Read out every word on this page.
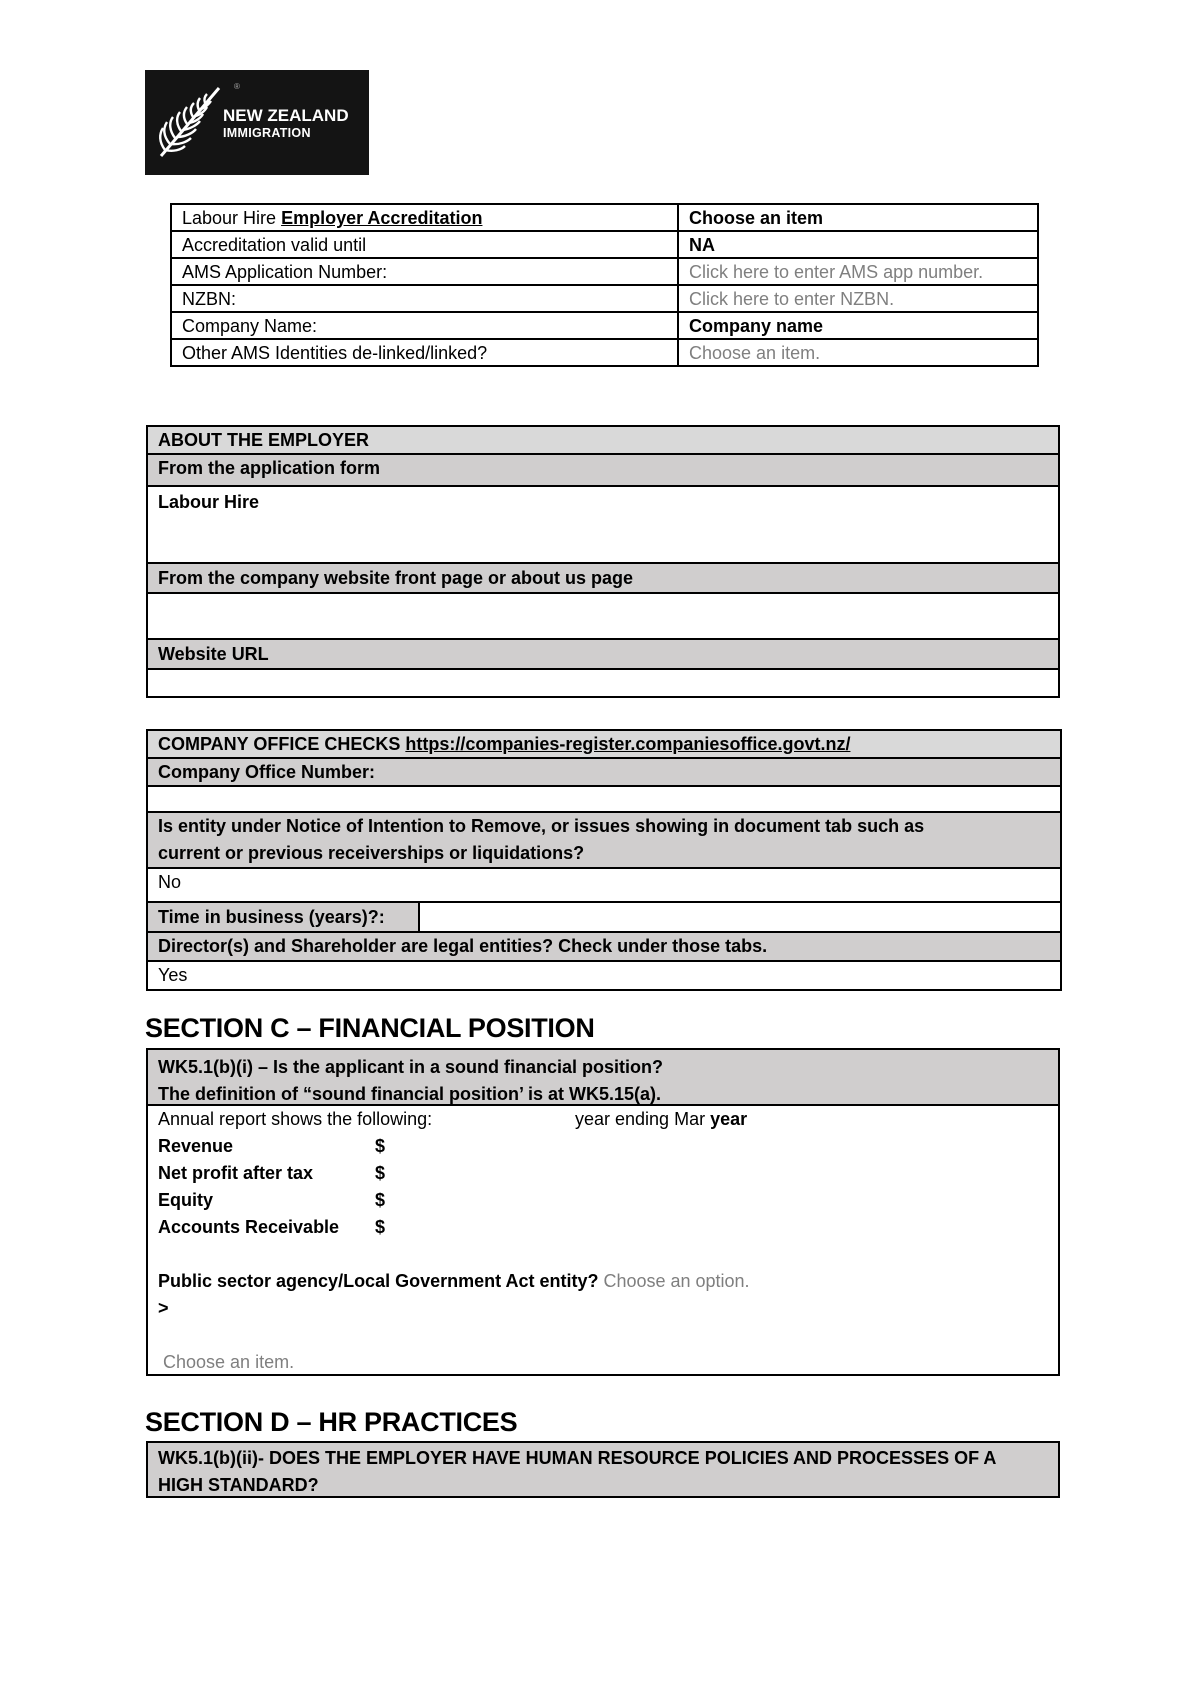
®
NEW ZEALAND
IMMIGRATION
Labour Hire Employer Accreditation	Choose an item
Accreditation valid until	NA
AMS Application Number:	Click here to enter AMS app number.
NZBN:	Click here to enter NZBN.
Company Name:	Company name
Other AMS Identities de-linked/linked?	Choose an item.
ABOUT THE EMPLOYER
From the application form
Labour Hire
From the company website front page or about us page

Website URL

COMPANY OFFICE CHECKS https://companies-register.companiesoffice.govt.nz/
Company Office Number:

Is entity under Notice of Intention to Remove, or issues showing in document tab such as
current or previous receiverships or liquidations?

No
Time in business (years)?:	
Director(s) and Shareholder are legal entities? Check under those tabs.
Yes
SECTION C – FINANCIAL POSITION
WK5.1(b)(i) – Is the applicant in a sound financial position?
The definition of “sound financial position’ is at WK5.15(a).
Annual report shows the following:	year ending Mar year
Revenue	$
Net profit after tax	$
Equity	$
Accounts Receivable $
Public sector agency/Local Government Act entity? Choose an option.
>
Choose an item.
SECTION D – HR PRACTICES
WK5.1(b)(ii)- DOES THE EMPLOYER HAVE HUMAN RESOURCE POLICIES AND PROCESSES OF A
HIGH STANDARD?
